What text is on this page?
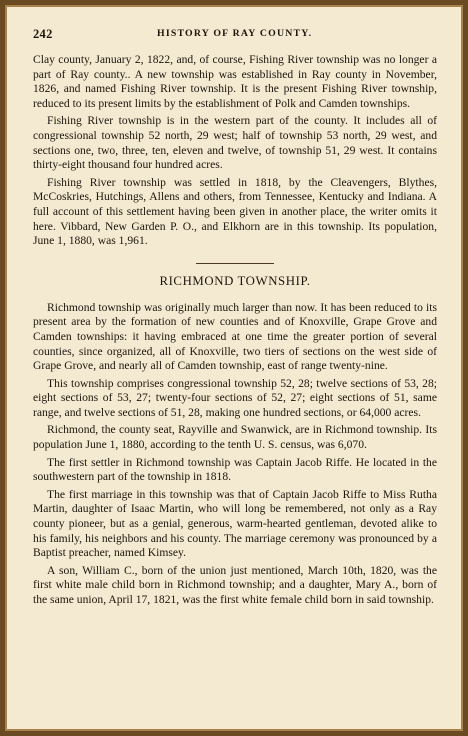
242	HISTORY OF RAY COUNTY.

Clay county, January 2, 1822, and, of course, Fishing River township was no longer a part of Ray county.. A new township was established in Ray county in November, 1826, and named Fishing River township. It is the present Fishing River township, reduced to its present limits by the establishment of Polk and Camden townships.

Fishing River township is in the western part of the county. It includes all of congressional township 52 north, 29 west; half of township 53 north, 29 west, and sections one, two, three, ten, eleven and twelve, of township 51, 29 west. It contains thirty-eight thousand four hundred acres.

Fishing River township was settled in 1818, by the Cleavengers, Blythes, McCoskries, Hutchings, Allens and others, from Tennessee, Kentucky and Indiana. A full account of this settlement having been given in another place, the writer omits it here. Vibbard, New Garden P. O., and Elkhorn are in this township. Its population, June 1, 1880, was 1,961.

RICHMOND TOWNSHIP.

Richmond township was originally much larger than now. It has been reduced to its present area by the formation of new counties and of Knoxville, Grape Grove and Camden townships: it having embraced at one time the greater portion of several counties, since organized, all of Knoxville, two tiers of sections on the west side of Grape Grove, and nearly all of Camden township, east of range twenty-nine.

This township comprises congressional township 52, 28; twelve sections of 53, 28; eight sections of 53, 27; twenty-four sections of 52, 27; eight sections of 51, same range, and twelve sections of 51, 28, making one hundred sections, or 64,000 acres.

Richmond, the county seat, Rayville and Swanwick, are in Richmond township. Its population June 1, 1880, according to the tenth U. S. census, was 6,070.

The first settler in Richmond township was Captain Jacob Riffe. He located in the southwestern part of the township in 1818.

The first marriage in this township was that of Captain Jacob Riffe to Miss Rutha Martin, daughter of Isaac Martin, who will long be remembered, not only as a Ray county pioneer, but as a genial, generous, warm-hearted gentleman, devoted alike to his family, his neighbors and his county. The marriage ceremony was pronounced by a Baptist preacher, named Kimsey.

A son, William C., born of the union just mentioned, March 10th, 1820, was the first white male child born in Richmond township; and a daughter, Mary A., born of the same union, April 17, 1821, was the first white female child born in said township.
